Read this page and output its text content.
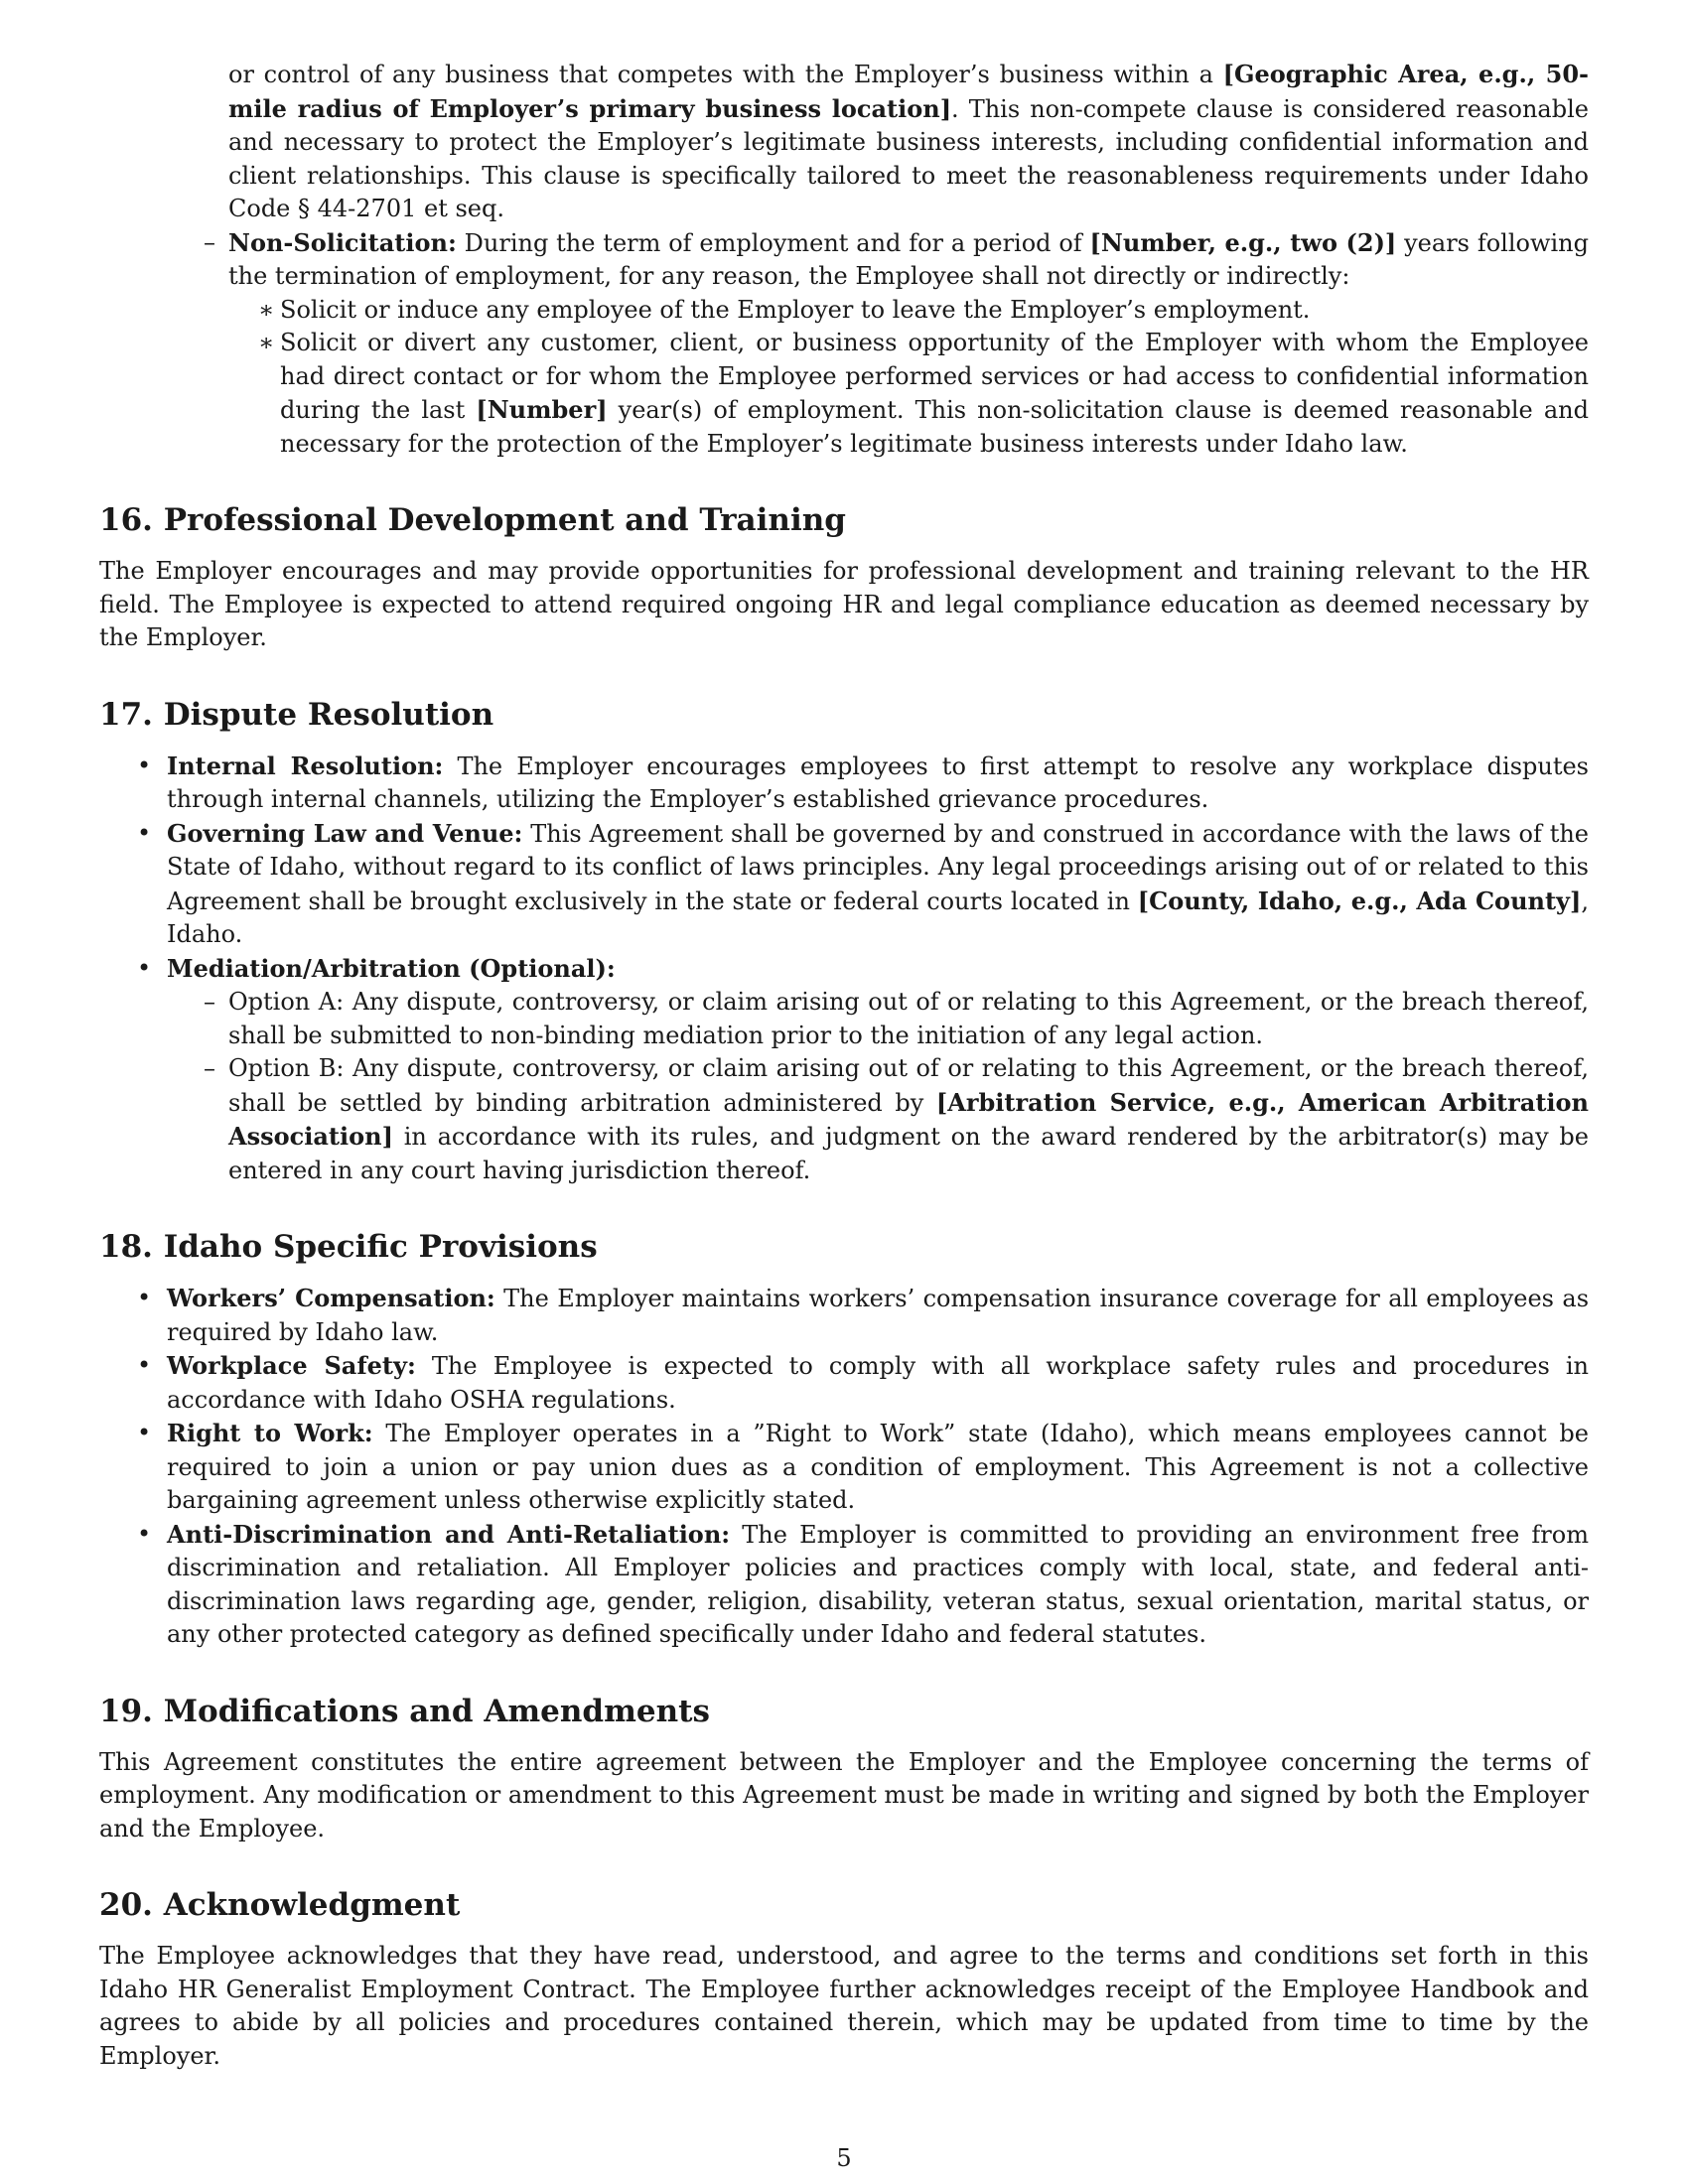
or control of any business that competes with the Employer’s business within a [Geographic Area, e.g., 50-mile radius of Employer’s primary business location]. This non-compete clause is considered reasonable and necessary to protect the Employer’s legitimate business interests, including confidential information and client relationships. This clause is specifically tailored to meet the reasonableness requirements under Idaho Code § 44-2701 et seq.

– Non-Solicitation: During the term of employment and for a period of [Number, e.g., two (2)] years following the termination of employment, for any reason, the Employee shall not directly or indirectly:
∗ Solicit or induce any employee of the Employer to leave the Employer’s employment.
∗ Solicit or divert any customer, client, or business opportunity of the Employer with whom the Employee had direct contact or for whom the Employee performed services or had access to confidential information during the last [Number] year(s) of employment. This non-solicitation clause is deemed reasonable and necessary for the protection of the Employer’s legitimate business interests under Idaho law.
16. Professional Development and Training

The Employer encourages and may provide opportunities for professional development and training relevant to the HR field. The Employee is expected to attend required ongoing HR and legal compliance education as deemed necessary by the Employer.

17. Dispute Resolution
• Internal Resolution: The Employer encourages employees to first attempt to resolve any workplace disputes through internal channels, utilizing the Employer’s established grievance procedures.
• Governing Law and Venue: This Agreement shall be governed by and construed in accordance with the laws of the State of Idaho, without regard to its conflict of laws principles. Any legal proceedings arising out of or related to this Agreement shall be brought exclusively in the state or federal courts located in [County, Idaho, e.g., Ada County], Idaho.
• Mediation/Arbitration (Optional):
– Option A: Any dispute, controversy, or claim arising out of or relating to this Agreement, or the breach thereof, shall be submitted to non-binding mediation prior to the initiation of any legal action.
– Option B: Any dispute, controversy, or claim arising out of or relating to this Agreement, or the breach thereof, shall be settled by binding arbitration administered by [Arbitration Service, e.g., American Arbitration Association] in accordance with its rules, and judgment on the award rendered by the arbitrator(s) may be entered in any court having jurisdiction thereof.
18. Idaho Specific Provisions
• Workers’ Compensation: The Employer maintains workers’ compensation insurance coverage for all employees as required by Idaho law.
• Workplace Safety: The Employee is expected to comply with all workplace safety rules and procedures in accordance with Idaho OSHA regulations.
• Right to Work: The Employer operates in a ”Right to Work” state (Idaho), which means employees cannot be required to join a union or pay union dues as a condition of employment. This Agreement is not a collective bargaining agreement unless otherwise explicitly stated.
• Anti-Discrimination and Anti-Retaliation: The Employer is committed to providing an environment free from discrimination and retaliation. All Employer policies and practices comply with local, state, and federal anti-discrimination laws regarding age, gender, religion, disability, veteran status, sexual orientation, marital status, or any other protected category as defined specifically under Idaho and federal statutes.
19. Modifications and Amendments

This Agreement constitutes the entire agreement between the Employer and the Employee concerning the terms of employment. Any modification or amendment to this Agreement must be made in writing and signed by both the Employer and the Employee.

20. Acknowledgment

The Employee acknowledges that they have read, understood, and agree to the terms and conditions set forth in this Idaho HR Generalist Employment Contract. The Employee further acknowledges receipt of the Employee Handbook and agrees to abide by all policies and procedures contained therein, which may be updated from time to time by the Employer.

5
